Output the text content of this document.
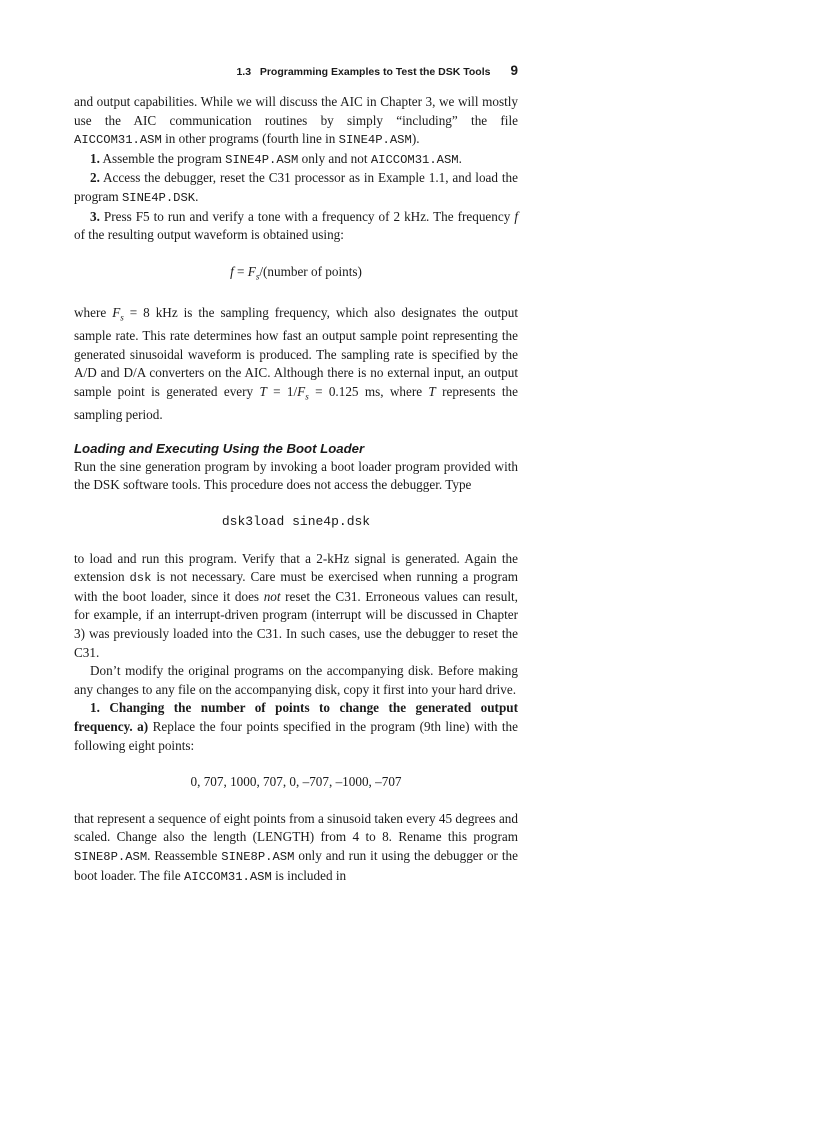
1.3 Programming Examples to Test the DSK Tools 9

and output capabilities. While we will discuss the AIC in Chapter 3, we will mostly use the AIC communication routines by simply “including” the file AICCOM31.ASM in other programs (fourth line in SINE4P.ASM).

1. Assemble the program SINE4P.ASM only and not AICCOM31.ASM.

2. Access the debugger, reset the C31 processor as in Example 1.1, and load the program SINE4P.DSK.

3. Press F5 to run and verify a tone with a frequency of 2 kHz. The frequency f of the resulting output waveform is obtained using:

$f = F_s/(number$ of points)

where $F_s = 8$ kHz is the sampling frequency, which also designates the output sample rate. This rate determines how fast an output sample point representing the generated sinusoidal waveform is produced. The sampling rate is specified by the A/D and D/A converters on the AIC. Although there is no external input, an output sample point is generated every $T = 1/F_s = 0.125$ ms, where T represents the sampling period.

Loading and Executing Using the Boot Loader

Run the sine generation program by invoking a boot loader program provided with the DSK software tools. This procedure does not access the debugger. Type

dsk3load sine4p.dsk

to load and run this program. Verify that a 2-kHz signal is generated. Again the extension dsk is not necessary. Care must be exercised when running a program with the boot loader, since it does not reset the C31. Erroneous values can result, for example, if an interrupt-driven program (interrupt will be discussed in Chapter 3) was previously loaded into the C31. In such cases, use the debugger to reset the C31.

Don’t modify the original programs on the accompanying disk. Before making any changes to any file on the accompanying disk, copy it first into your hard drive.

1. Changing the number of points to change the generated output frequency. a) Replace the four points specified in the program (9th line) with the following eight points:

0, 707, 1000, 707, 0, –707, –1000, –707

that represent a sequence of eight points from a sinusoid taken every 45 degrees and scaled. Change also the length (LENGTH) from 4 to 8. Rename this program SINE8P.ASM. Reassemble SINE8P.ASM only and run it using the debugger or the boot loader. The file AICCOM31.ASM is included in
